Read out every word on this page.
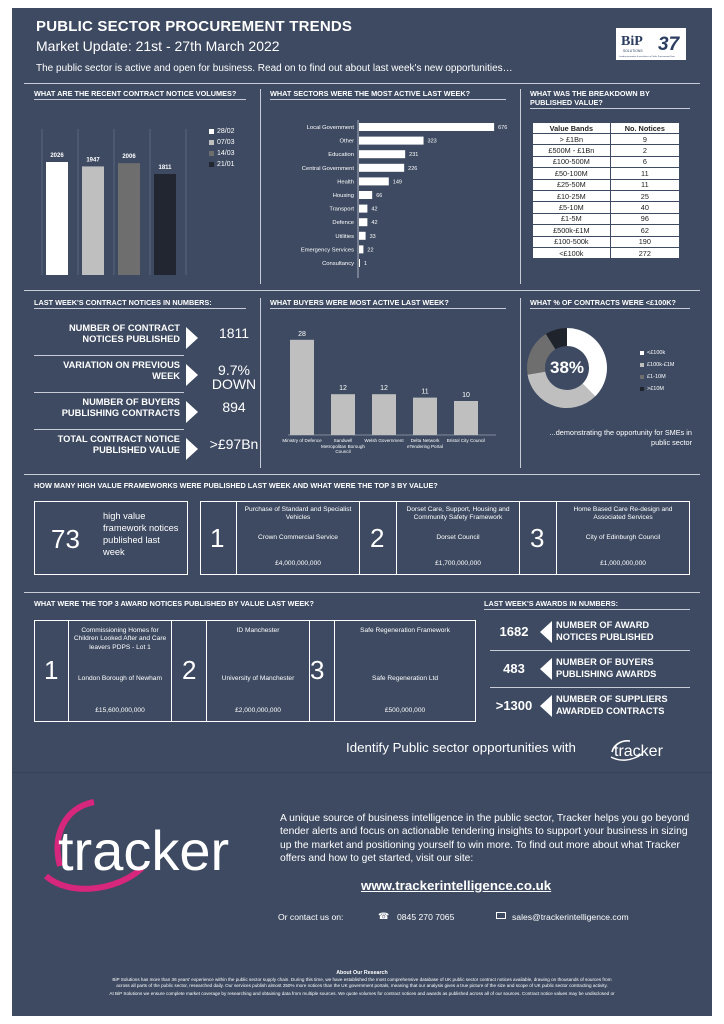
PUBLIC SECTOR PROCUREMENT TRENDS
Market Update: 21st - 27th March 2022
The public sector is active and open for business. Read on to find out about last week's new opportunities…
BiP 37
SOLUTIONS
Leading innovation & excellence in Public Procurement Data
WHAT ARE THE RECENT CONTRACT NOTICE VOLUMES?
2026
1947
2006
1811
WHAT SECTORS WERE THE MOST ACTIVE LAST WEEK?
Local Government	676
Other	323
Education	231
Central Government	226
Health	149
Housing	66
Transport	42
Defence	42
Utilities	33
Emergency Services 22
Consultancy 1
WHAT WAS THE BREAKDOWN BY PUBLISHED VALUE?
Value Bands	No. Notices
> £1Bn	9
£500M - £1Bn	2
£100-500M	6
£50-100M	11
£25-50M	11
£10-25M	25
£5-10M	40
£1-5M	96
£500k-£1M	62
£100-500k	190
<£100k	272
LAST WEEK'S CONTRACT NOTICES IN NUMBERS:	WHAT BUYERS WERE MOST ACTIVE LAST WEEK?
28
12	12	11	10
WHAT % OF CONTRACTS WERE <£100K?
38%
...demonstrating the opportunity for SMEs in public sector
HOW MANY HIGH VALUE FRAMEWORKS WERE PUBLISHED LAST WEEK AND WHAT WERE THE TOP 3 BY VALUE?
73
high value framework notices published last week
WHAT WERE THE TOP 3 AWARD NOTICES PUBLISHED BY VALUE LAST WEEK?	LAST WEEK'S AWARDS IN NUMBERS:
Identify Public sector opportunities with tracker
tracker
A unique source of business intelligence in the public sector, Tracker helps you go beyond tender alerts and focus on actionable tendering insights to support your business in sizing up the market and positioning yourself to win more. To find out more about what Tracker offers and how to get started, visit our site:
www.trackerintelligence.co.uk
Or contact us on:	☎ 0845 270 7065	sales@trackerintelligence.com
About Our Research
BiP Solutions has more than 36 years' experience within the public sector supply chain. During this time, we have established the most comprehensive database of UK public sector contract notices available, drawing on thousands of sources from
across all parts of the public sector, researched daily. Our services publish almost 250% more notices than the UK government portals, meaning that our analysis gives a true picture of the size and scope of UK public sector contracting activity.
At BiP Solutions we ensure complete market coverage by researching and obtaining data from multiple sources. We quote volumes for contract notices and awards as published across all of our sources. Contract notice values may be undisclosed or
28/02
07/03
14/03
21/01
NUMBER OF CONTRACT NOTICES PUBLISHED	1811
VARIATION ON PREVIOUS WEEK	9.7% DOWN
NUMBER OF BUYERS PUBLISHING CONTRACTS	894
TOTAL CONTRACT NOTICE PUBLISHED VALUE	>£97Bn	Ministry of Defence	Sandwell Metropolitan Borough Council
Welsh Government	Delta Network eTendering Portal
Bristol City Council
<£100k
£100k-£1M
£1-10M
>£10M
1
Purchase of Standard and Specialist Vehicles
Crown Commercial Service
£4,000,000,000
2
Dorset Care, Support, Housing and Community Safety Framework
Dorset Council
£1,700,000,000
3
Home Based Care Re-design and Associated Services
City of Edinburgh Council
£1,000,000,000
1
Commissioning Homes for Children Looked After and Care leavers PDPS - Lot 1
London Borough of Newham
£15,600,000,000
2
ID Manchester
University of Manchester
£2,000,000,000
3
Safe Regeneration Framework
Safe Regeneration Ltd
£500,000,000
1682	NUMBER OF AWARD NOTICES PUBLISHED
483	NUMBER OF BUYERS PUBLISHING AWARDS
>1300	NUMBER OF SUPPLIERS AWARDED CONTRACTS
